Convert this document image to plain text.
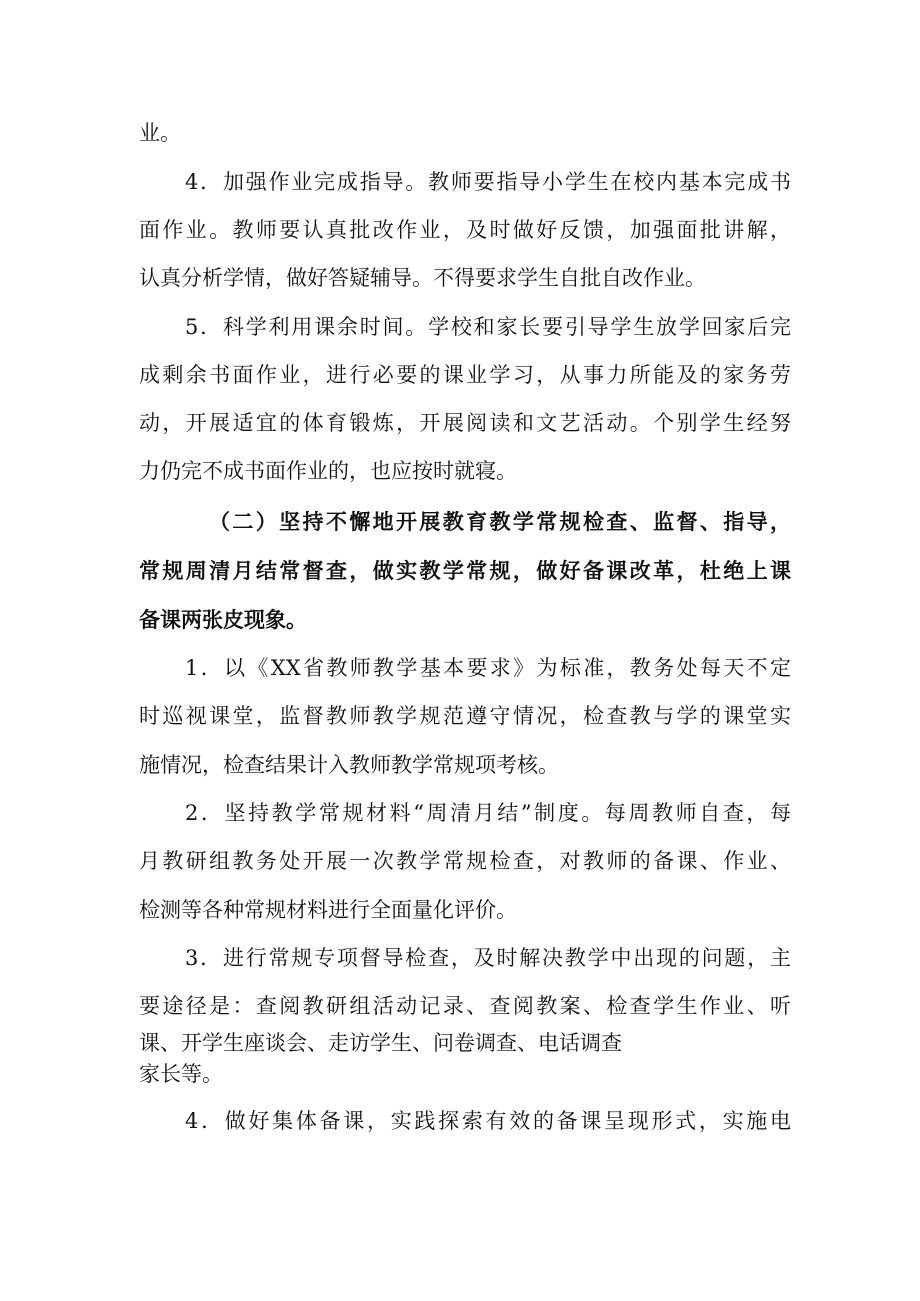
业。
4．加强作业完成指导。教师要指导小学生在校内基本完成书
面作业。教师要认真批改作业，及时做好反馈，加强面批讲解，
认真分析学情，做好答疑辅导。不得要求学生自批自改作业。
5．科学利用课余时间。学校和家长要引导学生放学回家后完
成剩余书面作业，进行必要的课业学习，从事力所能及的家务劳
动，开展适宜的体育锻炼，开展阅读和文艺活动。个别学生经努
力仍完不成书面作业的，也应按时就寝。
（二）坚持不懈地开展教育教学常规检查、监督、指导，
常规周清月结常督查，做实教学常规，做好备课改革，杜绝上课
备课两张皮现象。
1．以《XX省教师教学基本要求》为标准，教务处每天不定
时巡视课堂，监督教师教学规范遵守情况，检查教与学的课堂实
施情况，检查结果计入教师教学常规项考核。
2．坚持教学常规材料“周清月结”制度。每周教师自查，每
月教研组教务处开展一次教学常规检查，对教师的备课、作业、
检测等各种常规材料进行全面量化评价。
3．进行常规专项督导检查，及时解决教学中出现的问题，主
要途径是：查阅教研组活动记录、查阅教案、检查学生作业、听
课、开学生座谈会、走访学生、问卷调查、电话调查
家长等。
4．做好集体备课，实践探索有效的备课呈现形式，实施电
